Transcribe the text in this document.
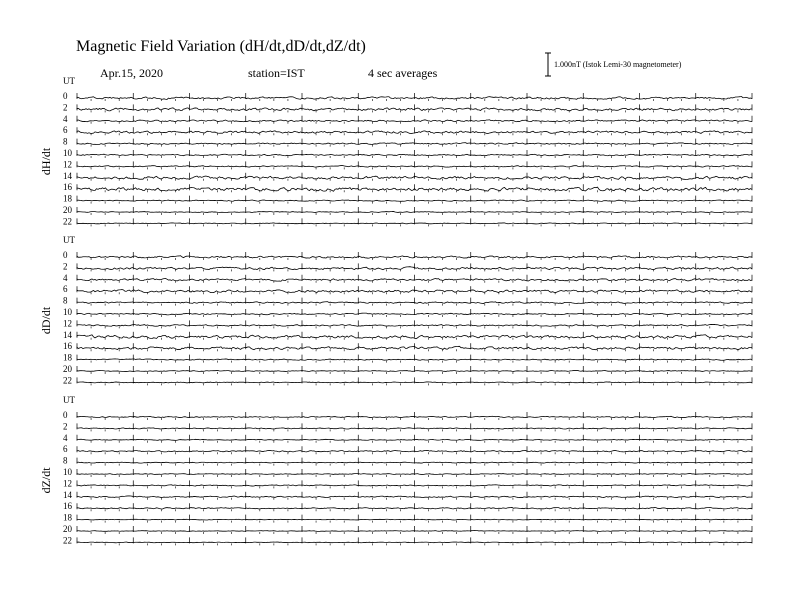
Magnetic Field Variation (dH/dt,dD/dt,dZ/dt)
Apr.15, 2020	station=IST	4 sec averages
1.000nT (Istok Lemi-30 magnetometer)
UT
dH/dt
0
2
4
6
8
10
12
14
16
18
20
22
UT
dD/dt
0
2
4
6
8
10
12
14
16
18
20
22
UT
dZ/dt
0
2
4
6
8
10
12
14
16
18
20
22
